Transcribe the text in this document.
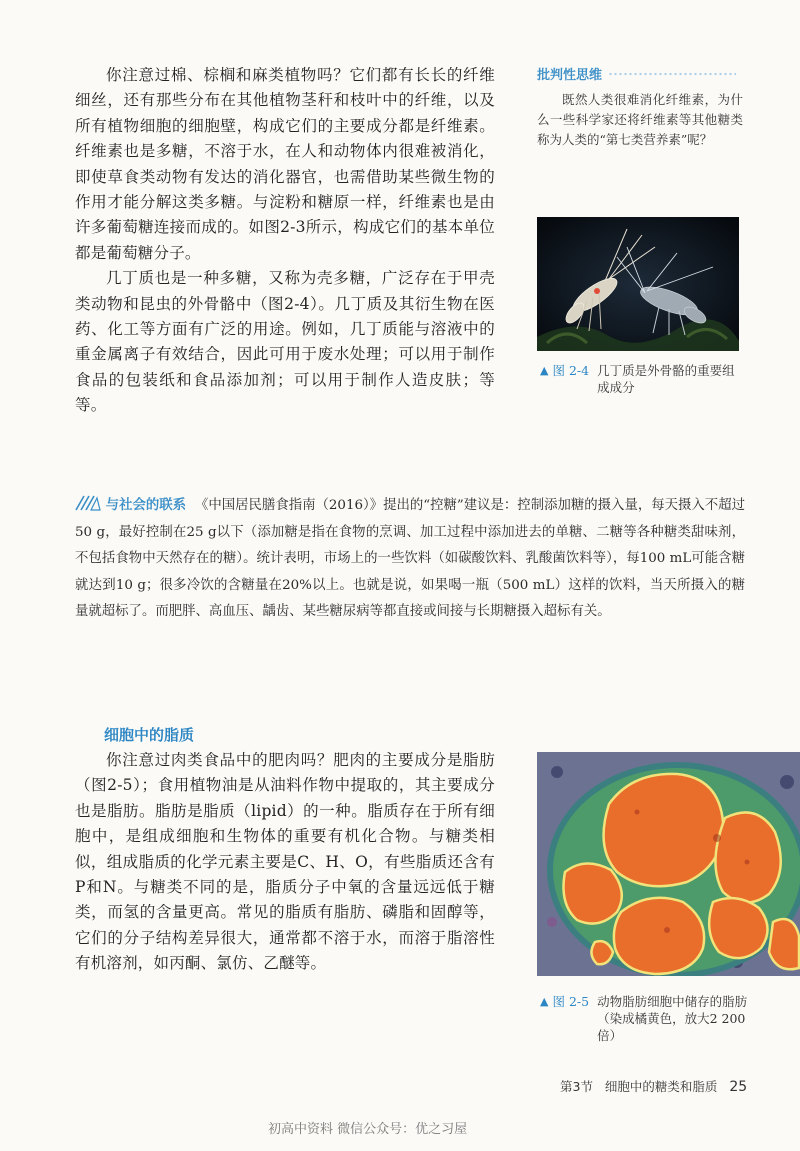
你注意过棉、棕榈和麻类植物吗？它们都有长长的纤维细丝，还有那些分布在其他植物茎秆和枝叶中的纤维，以及所有植物细胞的细胞壁，构成它们的主要成分都是纤维素。纤维素也是多糖，不溶于水，在人和动物体内很难被消化，即使草食类动物有发达的消化器官，也需借助某些微生物的作用才能分解这类多糖。与淀粉和糖原一样，纤维素也是由许多葡萄糖连接而成的。如图2-3所示，构成它们的基本单位都是葡萄糖分子。

几丁质也是一种多糖，又称为壳多糖，广泛存在于甲壳类动物和昆虫的外骨骼中（图2-4）。几丁质及其衍生物在医药、化工等方面有广泛的用途。例如，几丁质能与溶液中的重金属离子有效结合，因此可用于废水处理；可以用于制作食品的包装纸和食品添加剂；可以用于制作人造皮肤；等等。

批判性思维

既然人类很难消化纤维素，为什么一些科学家还将纤维素等其他糖类称为人类的“第七类营养素”呢？

▲ 图 2-4 几丁质是外骨骼的重要组成成分
与社会的联系 《中国居民膳食指南（2016）》提出的“控糖”建议是：控制添加糖的摄入量，每天摄入不超过50 g，最好控制在25 g以下（添加糖是指在食物的烹调、加工过程中添加进去的单糖、二糖等各种糖类甜味剂，不包括食物中天然存在的糖）。统计表明，市场上的一些饮料（如碳酸饮料、乳酸菌饮料等），每100 mL可能含糖就达到10 g；很多冷饮的含糖量在20%以上。也就是说，如果喝一瓶（500 mL）这样的饮料，当天所摄入的糖量就超标了。而肥胖、高血压、龋齿、某些糖尿病等都直接或间接与长期糖摄入超标有关。
细胞中的脂质

你注意过肉类食品中的肥肉吗？肥肉的主要成分是脂肪（图2-5）；食用植物油是从油料作物中提取的，其主要成分也是脂肪。脂肪是脂质（lipid）的一种。脂质存在于所有细胞中，是组成细胞和生物体的重要有机化合物。与糖类相似，组成脂质的化学元素主要是C、H、O，有些脂质还含有P和N。与糖类不同的是，脂质分子中氧的含量远远低于糖类，而氢的含量更高。常见的脂质有脂肪、磷脂和固醇等，它们的分子结构差异很大，通常都不溶于水，而溶于脂溶性有机溶剂，如丙酮、氯仿、乙醚等。

▲ 图 2-5 动物脂肪细胞中储存的脂肪（染成橘黄色，放大2 200倍）
第3节 细胞中的糖类和脂质 25
初高中资料 微信公众号：优之习屋
